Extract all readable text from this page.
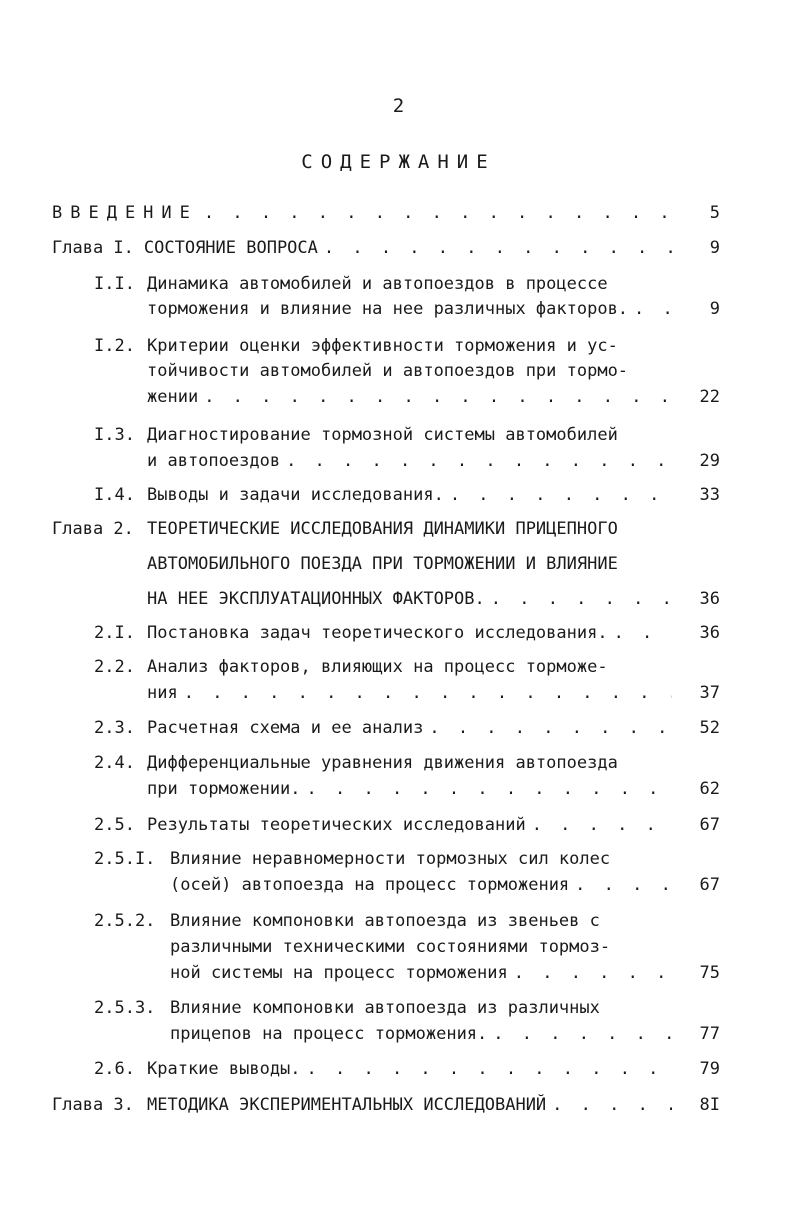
2
СОДЕРЖАНИЕ
ВВЕДЕНИЕ . . .	5
Глава I. СОСТОЯНИЕ ВОПРОСА . . .	9
I.I. Динамика автомобилей и автопоездов в процессе
торможения и влияние на нее различных факторов. . . .	9
I.2. Критерии оценки эффективности торможения и ус-
тойчивости автомобилей и автопоездов при тормо-
жении . . .	22
I.3. Диагностирование тормозной системы автомобилей
и автопоездов . . .	29
I.4. Выводы и задачи исследования. . . .	33
Глава 2. ТЕОРЕТИЧЕСКИЕ ИССЛЕДОВАНИЯ ДИНАМИКИ ПРИЦЕПНОГО
АВТОМОБИЛЬНОГО ПОЕЗДА ПРИ ТОРМОЖЕНИИ И ВЛИЯНИЕ
НА НЕЕ ЭКСПЛУАТАЦИОННЫХ ФАКТОРОВ. . . .	36
2.I. Постановка задач теоретического исследования. . . .	36
2.2. Анализ факторов, влияющих на процесс торможе-
ния . . .	37
2.3. Расчетная схема и ее анализ . . .	52
2.4. Дифференциальные уравнения движения автопоезда
при торможении. . . .	62
2.5. Результаты теоретических исследований . . .	67
2.5.I. Влияние неравномерности тормозных сил колес
(осей) автопоезда на процесс торможения . . .	67
2.5.2. Влияние компоновки автопоезда из звеньев с
различными техническими состояниями тормоз-
ной системы на процесс торможения . . .	75
2.5.3. Влияние компоновки автопоезда из различных
прицепов на процесс торможения. . . .	77
2.6. Краткие выводы. . . .	79
Глава 3. МЕТОДИКА ЭКСПЕРИМЕНТАЛЬНЫХ ИССЛЕДОВАНИЙ . . .	8I
